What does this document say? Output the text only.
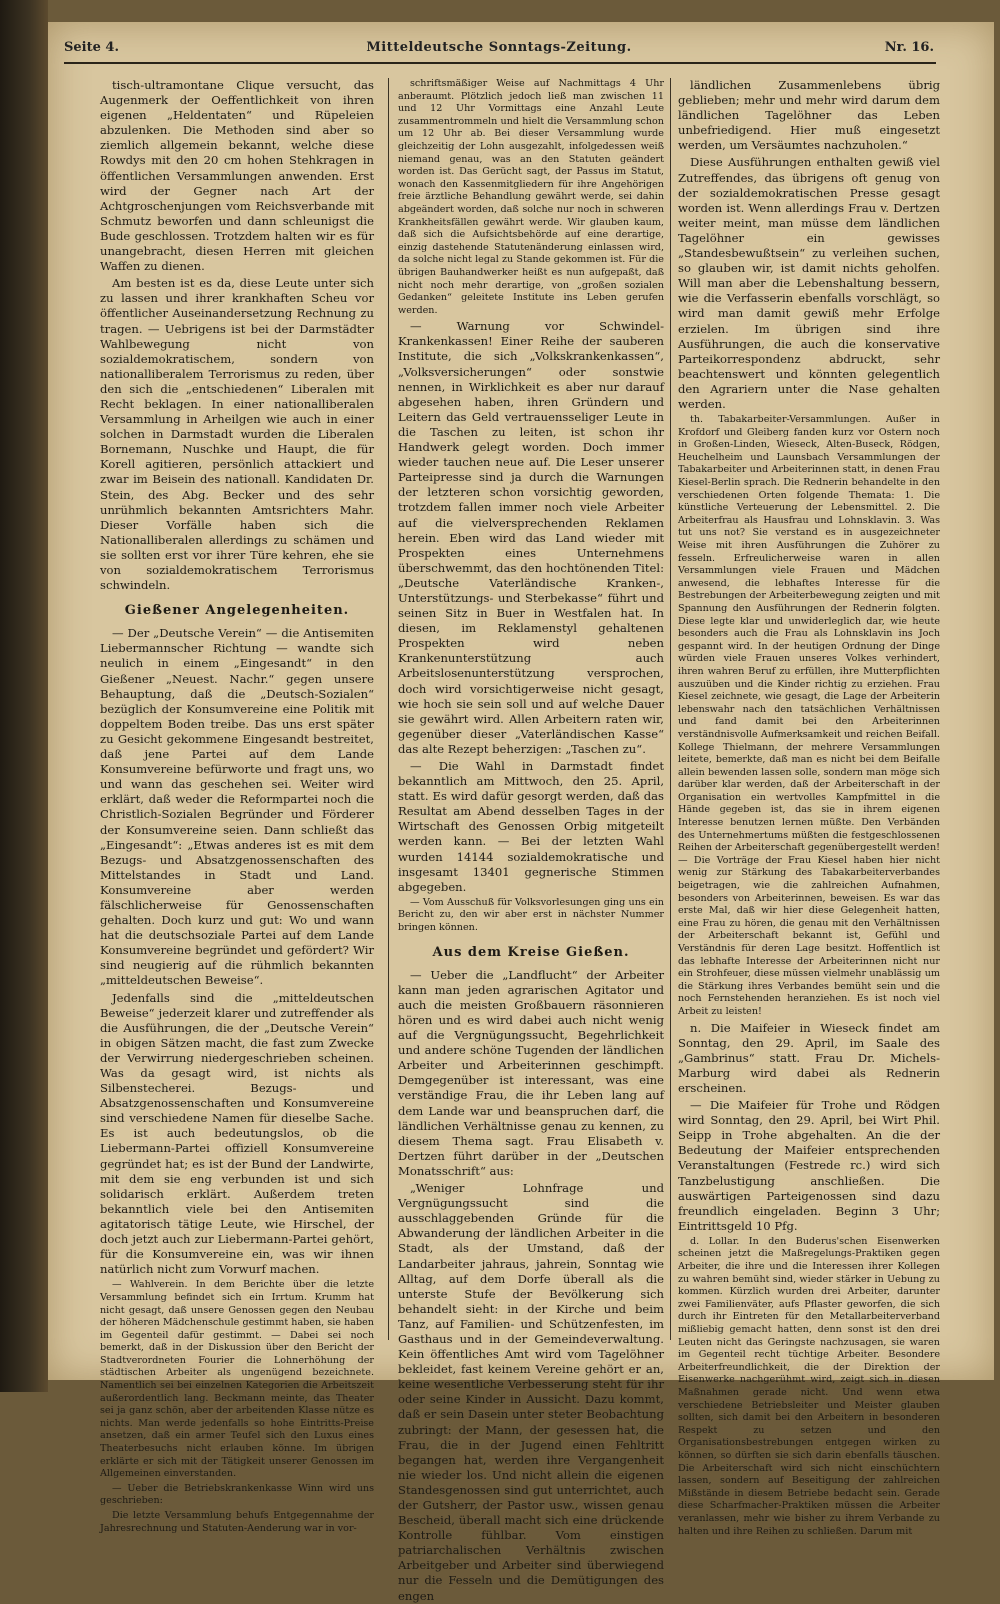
Seite 4.	Mitteldeutsche Sonntags-Zeitung.	Nr. 16.

tisch-ultramontane Clique versucht, das Augenmerk der Oeffentlichkeit von ihren eigenen „Heldentaten“ und Rüpeleien abzulenken. Die Methoden sind aber so ziemlich allgemein bekannt, welche diese Rowdys mit den 20 cm hohen Stehkragen in öffentlichen Versammlungen anwenden. Erst wird der Gegner nach Art der Achtgroschenjungen vom Reichsverbande mit Schmutz beworfen und dann schleunigst die Bude geschlossen. Trotzdem halten wir es für unangebracht, diesen Herren mit gleichen Waffen zu dienen.

Am besten ist es da, diese Leute unter sich zu lassen und ihrer krankhaften Scheu vor öffentlicher Auseinandersetzung Rechnung zu tragen. — Uebrigens ist bei der Darmstädter Wahlbewegung nicht von sozialdemokratischem, sondern von nationalliberalem Terrorismus zu reden, über den sich die „entschiedenen“ Liberalen mit Recht beklagen. In einer nationalliberalen Versammlung in Arheilgen wie auch in einer solchen in Darmstadt wurden die Liberalen Bornemann, Nuschke und Haupt, die für Korell agitieren, persönlich attackiert und zwar im Beisein des nationall. Kandidaten Dr. Stein, des Abg. Becker und des sehr unrühmlich bekannten Amtsrichters Mahr. Dieser Vorfälle haben sich die Nationalliberalen allerdings zu schämen und sie sollten erst vor ihrer Türe kehren, ehe sie von sozialdemokratischem Terrorismus schwindeln.

Gießener Angelegenheiten.

— Der „Deutsche Verein“ — die Antisemiten Liebermannscher Richtung — wandte sich neulich in einem „Eingesandt“ in den Gießener „Neuest. Nachr.“ gegen unsere Behauptung, daß die „Deutsch-Sozialen“ bezüglich der Konsumvereine eine Politik mit doppeltem Boden treibe. Das uns erst später zu Gesicht gekommene Eingesandt bestreitet, daß jene Partei auf dem Lande Konsumvereine befürworte und fragt uns, wo und wann das geschehen sei. Weiter wird erklärt, daß weder die Reformpartei noch die Christlich-Sozialen Begründer und Förderer der Konsumvereine seien. Dann schließt das „Eingesandt“: „Etwas anderes ist es mit dem Bezugs- und Absatzgenossenschaften des Mittelstandes in Stadt und Land. Konsumvereine aber werden fälschlicherweise für Genossenschaften gehalten. Doch kurz und gut: Wo und wann hat die deutschsoziale Partei auf dem Lande Konsumvereine begründet und gefördert? Wir sind neugierig auf die rühmlich bekannten „mitteldeutschen Beweise“.

Jedenfalls sind die „mitteldeutschen Beweise“ jederzeit klarer und zutreffender als die Ausführungen, die der „Deutsche Verein“ in obigen Sätzen macht, die fast zum Zwecke der Verwirrung niedergeschrieben scheinen. Was da gesagt wird, ist nichts als Silbenstecherei. Bezugs- und Absatzgenossenschaften und Konsumvereine sind verschiedene Namen für dieselbe Sache. Es ist auch bedeutungslos, ob die Liebermann-Partei offiziell Konsumvereine gegründet hat; es ist der Bund der Landwirte, mit dem sie eng verbunden ist und sich solidarisch erklärt. Außerdem treten bekanntlich viele bei den Antisemiten agitatorisch tätige Leute, wie Hirschel, der doch jetzt auch zur Liebermann-Partei gehört, für die Konsumvereine ein, was wir ihnen natürlich nicht zum Vorwurf machen.

— Wahlverein. In dem Berichte über die letzte Versammlung befindet sich ein Irrtum. Krumm hat nicht gesagt, daß unsere Genossen gegen den Neubau der höheren Mädchenschule gestimmt haben, sie haben im Gegenteil dafür gestimmt. — Dabei sei noch bemerkt, daß in der Diskussion über den Bericht der Stadtverordneten Fourier die Lohnerhöhung der städtischen Arbeiter als ungenügend bezeichnete. Namentlich sei bei einzelnen Kategorien die Arbeitszeit außerordentlich lang. Beckmann meinte, das Theater sei ja ganz schön, aber der arbeitenden Klasse nütze es nichts. Man werde jedenfalls so hohe Eintritts-Preise ansetzen, daß ein armer Teufel sich den Luxus eines Theaterbesuchs nicht erlauben könne. Im übrigen erklärte er sich mit der Tätigkeit unserer Genossen im Allgemeinen einverstanden.

— Ueber die Betriebskrankenkasse Winn wird uns geschrieben:

Die letzte Versammlung behufs Entgegennahme der Jahresrechnung und Statuten-Aenderung war in vor-

schriftsmäßiger Weise auf Nachmittags 4 Uhr anberaumt. Plötzlich jedoch ließ man zwischen 11 und 12 Uhr Vormittags eine Anzahl Leute zusammentrommeln und hielt die Versammlung schon um 12 Uhr ab. Bei dieser Versammlung wurde gleichzeitig der Lohn ausgezahlt, infolgedessen weiß niemand genau, was an den Statuten geändert worden ist. Das Gerücht sagt, der Passus im Statut, wonach den Kassenmitgliedern für ihre Angehörigen freie ärztliche Behandlung gewährt werde, sei dahin abgeändert worden, daß solche nur noch in schweren Krankheitsfällen gewährt werde. Wir glauben kaum, daß sich die Aufsichtsbehörde auf eine derartige, einzig dastehende Statutenänderung einlassen wird, da solche nicht legal zu Stande gekommen ist. Für die übrigen Bauhandwerker heißt es nun aufgepaßt, daß nicht noch mehr derartige, von „großen sozialen Gedanken“ geleitete Institute ins Leben gerufen werden.

— Warnung vor Schwindel-Krankenkassen! Einer Reihe der sauberen Institute, die sich „Volkskrankenkassen“, „Volksversicherungen“ oder sonstwie nennen, in Wirklichkeit es aber nur darauf abgesehen haben, ihren Gründern und Leitern das Geld vertrauensseliger Leute in die Taschen zu leiten, ist schon ihr Handwerk gelegt worden. Doch immer wieder tauchen neue auf. Die Leser unserer Parteipresse sind ja durch die Warnungen der letzteren schon vorsichtig geworden, trotzdem fallen immer noch viele Arbeiter auf die vielversprechenden Reklamen herein. Eben wird das Land wieder mit Prospekten eines Unternehmens überschwemmt, das den hochtönenden Titel: „Deutsche Vaterländische Kranken-, Unterstützungs- und Sterbekasse“ führt und seinen Sitz in Buer in Westfalen hat. In diesen, im Reklamenstyl gehaltenen Prospekten wird neben Krankenunterstützung auch Arbeitslosenunterstützung versprochen, doch wird vorsichtigerweise nicht gesagt, wie hoch sie sein soll und auf welche Dauer sie gewährt wird. Allen Arbeitern raten wir, gegenüber dieser „Vaterländischen Kasse“ das alte Rezept beherzigen: „Taschen zu“.

— Die Wahl in Darmstadt findet bekanntlich am Mittwoch, den 25. April, statt. Es wird dafür gesorgt werden, daß das Resultat am Abend desselben Tages in der Wirtschaft des Genossen Orbig mitgeteilt werden kann. — Bei der letzten Wahl wurden 14144 sozialdemokratische und insgesamt 13401 gegnerische Stimmen abgegeben.

— Vom Ausschuß für Volksvorlesungen ging uns ein Bericht zu, den wir aber erst in nächster Nummer bringen können.

Aus dem Kreise Gießen.

— Ueber die „Landflucht“ der Arbeiter kann man jeden agrarischen Agitator und auch die meisten Großbauern räsonnieren hören und es wird dabei auch nicht wenig auf die Vergnügungssucht, Begehrlichkeit und andere schöne Tugenden der ländlichen Arbeiter und Arbeiterinnen geschimpft. Demgegenüber ist interessant, was eine verständige Frau, die ihr Leben lang auf dem Lande war und beanspruchen darf, die ländlichen Verhältnisse genau zu kennen, zu diesem Thema sagt. Frau Elisabeth v. Dertzen führt darüber in der „Deutschen Monatsschrift“ aus:

„Weniger Lohnfrage und Vergnügungssucht sind die ausschlaggebenden Gründe für die Abwanderung der ländlichen Arbeiter in die Stadt, als der Umstand, daß der Landarbeiter jahraus, jahrein, Sonntag wie Alltag, auf dem Dorfe überall als die unterste Stufe der Bevölkerung sich behandelt sieht: in der Kirche und beim Tanz, auf Familien- und Schützenfesten, im Gasthaus und in der Gemeindeverwaltung. Kein öffentliches Amt wird vom Tagelöhner bekleidet, fast keinem Vereine gehört er an, keine wesentliche Verbesserung steht für ihr oder seine Kinder in Aussicht. Dazu kommt, daß er sein Dasein unter steter Beobachtung zubringt: der Mann, der gesessen hat, die Frau, die in der Jugend einen Fehltritt begangen hat, werden ihre Vergangenheit nie wieder los. Und nicht allein die eigenen Standesgenossen sind gut unterrichtet, auch der Gutsherr, der Pastor usw., wissen genau Bescheid, überall macht sich eine drückende Kontrolle fühlbar. Vom einstigen patriarchalischen Verhältnis zwischen Arbeitgeber und Arbeiter sind überwiegend nur die Fesseln und die Demütigungen des engen

ländlichen Zusammenlebens übrig geblieben; mehr und mehr wird darum dem ländlichen Tagelöhner das Leben unbefriedigend. Hier muß eingesetzt werden, um Versäumtes nachzuholen.“

Diese Ausführungen enthalten gewiß viel Zutreffendes, das übrigens oft genug von der sozialdemokratischen Presse gesagt worden ist. Wenn allerdings Frau v. Dertzen weiter meint, man müsse dem ländlichen Tagelöhner ein gewisses „Standesbewußtsein“ zu verleihen suchen, so glauben wir, ist damit nichts geholfen. Will man aber die Lebenshaltung bessern, wie die Verfasserin ebenfalls vorschlägt, so wird man damit gewiß mehr Erfolge erzielen. Im übrigen sind ihre Ausführungen, die auch die konservative Parteikorrespondenz abdruckt, sehr beachtenswert und könnten gelegentlich den Agrariern unter die Nase gehalten werden.

th. Tabakarbeiter-Versammlungen. Außer in Krofdorf und Gleiberg fanden kurz vor Ostern noch in Großen-Linden, Wieseck, Alten-Buseck, Rödgen, Heuchelheim und Launsbach Versammlungen der Tabakarbeiter und Arbeiterinnen statt, in denen Frau Kiesel-Berlin sprach. Die Rednerin behandelte in den verschiedenen Orten folgende Themata: 1. Die künstliche Verteuerung der Lebensmittel. 2. Die Arbeiterfrau als Hausfrau und Lohnsklavin. 3. Was tut uns not? Sie verstand es in ausgezeichneter Weise mit ihren Ausführungen die Zuhörer zu fesseln. Erfreulicherweise waren in allen Versammlungen viele Frauen und Mädchen anwesend, die lebhaftes Interesse für die Bestrebungen der Arbeiterbewegung zeigten und mit Spannung den Ausführungen der Rednerin folgten. Diese legte klar und unwiderleglich dar, wie heute besonders auch die Frau als Lohnsklavin ins Joch gespannt wird. In der heutigen Ordnung der Dinge würden viele Frauen unseres Volkes verhindert, ihren wahren Beruf zu erfüllen, ihre Mutterpflichten auszuüben und die Kinder richtig zu erziehen. Frau Kiesel zeichnete, wie gesagt, die Lage der Arbeiterin lebenswahr nach den tatsächlichen Verhältnissen und fand damit bei den Arbeiterinnen verständnisvolle Aufmerksamkeit und reichen Beifall. Kollege Thielmann, der mehrere Versammlungen leitete, bemerkte, daß man es nicht bei dem Beifalle allein bewenden lassen solle, sondern man möge sich darüber klar werden, daß der Arbeiterschaft in der Organisation ein wertvolles Kampfmittel in die Hände gegeben ist, das sie in ihrem eigenen Interesse benutzen lernen müßte. Den Verbänden des Unternehmertums müßten die festgeschlossenen Reihen der Arbeiterschaft gegenübergestellt werden! — Die Vorträge der Frau Kiesel haben hier nicht wenig zur Stärkung des Tabakarbeiterverbandes beigetragen, wie die zahlreichen Aufnahmen, besonders von Arbeiterinnen, beweisen. Es war das erste Mal, daß wir hier diese Gelegenheit hatten, eine Frau zu hören, die genau mit den Verhältnissen der Arbeiterschaft bekannt ist, Gefühl und Verständnis für deren Lage besitzt. Hoffentlich ist das lebhafte Interesse der Arbeiterinnen nicht nur ein Strohfeuer, diese müssen vielmehr unablässig um die Stärkung ihres Verbandes bemüht sein und die noch Fernstehenden heranziehen. Es ist noch viel Arbeit zu leisten!

n. Die Maifeier in Wieseck findet am Sonntag, den 29. April, im Saale des „Gambrinus“ statt. Frau Dr. Michels-Marburg wird dabei als Rednerin erscheinen.

— Die Maifeier für Trohe und Rödgen wird Sonntag, den 29. April, bei Wirt Phil. Seipp in Trohe abgehalten. An die der Bedeutung der Maifeier entsprechenden Veranstaltungen (Festrede rc.) wird sich Tanzbelustigung anschließen. Die auswärtigen Parteigenossen sind dazu freundlich eingeladen. Beginn 3 Uhr; Eintrittsgeld 10 Pfg.

d. Lollar. In den Buderus'schen Eisenwerken scheinen jetzt die Maßregelungs-Praktiken gegen Arbeiter, die ihre und die Interessen ihrer Kollegen zu wahren bemüht sind, wieder stärker in Uebung zu kommen. Kürzlich wurden drei Arbeiter, darunter zwei Familienväter, aufs Pflaster geworfen, die sich durch ihr Eintreten für den Metallarbeiterverband mißliebig gemacht hatten, denn sonst ist den drei Leuten nicht das Geringste nachzusagen, sie waren im Gegenteil recht tüchtige Arbeiter. Besondere Arbeiterfreundlichkeit, die der Direktion der Eisenwerke nachgerühmt wird, zeigt sich in diesen Maßnahmen gerade nicht. Und wenn etwa verschiedene Betriebsleiter und Meister glauben sollten, sich damit bei den Arbeitern in besonderen Respekt zu setzen und den Organisationsbestrebungen entgegen wirken zu können, so dürften sie sich darin ebenfalls täuschen. Die Arbeiterschaft wird sich nicht einschüchtern lassen, sondern auf Beseitigung der zahlreichen Mißstände in diesem Betriebe bedacht sein. Gerade diese Scharfmacher-Praktiken müssen die Arbeiter veranlassen, mehr wie bisher zu ihrem Verbande zu halten und ihre Reihen zu schließen. Darum mit
